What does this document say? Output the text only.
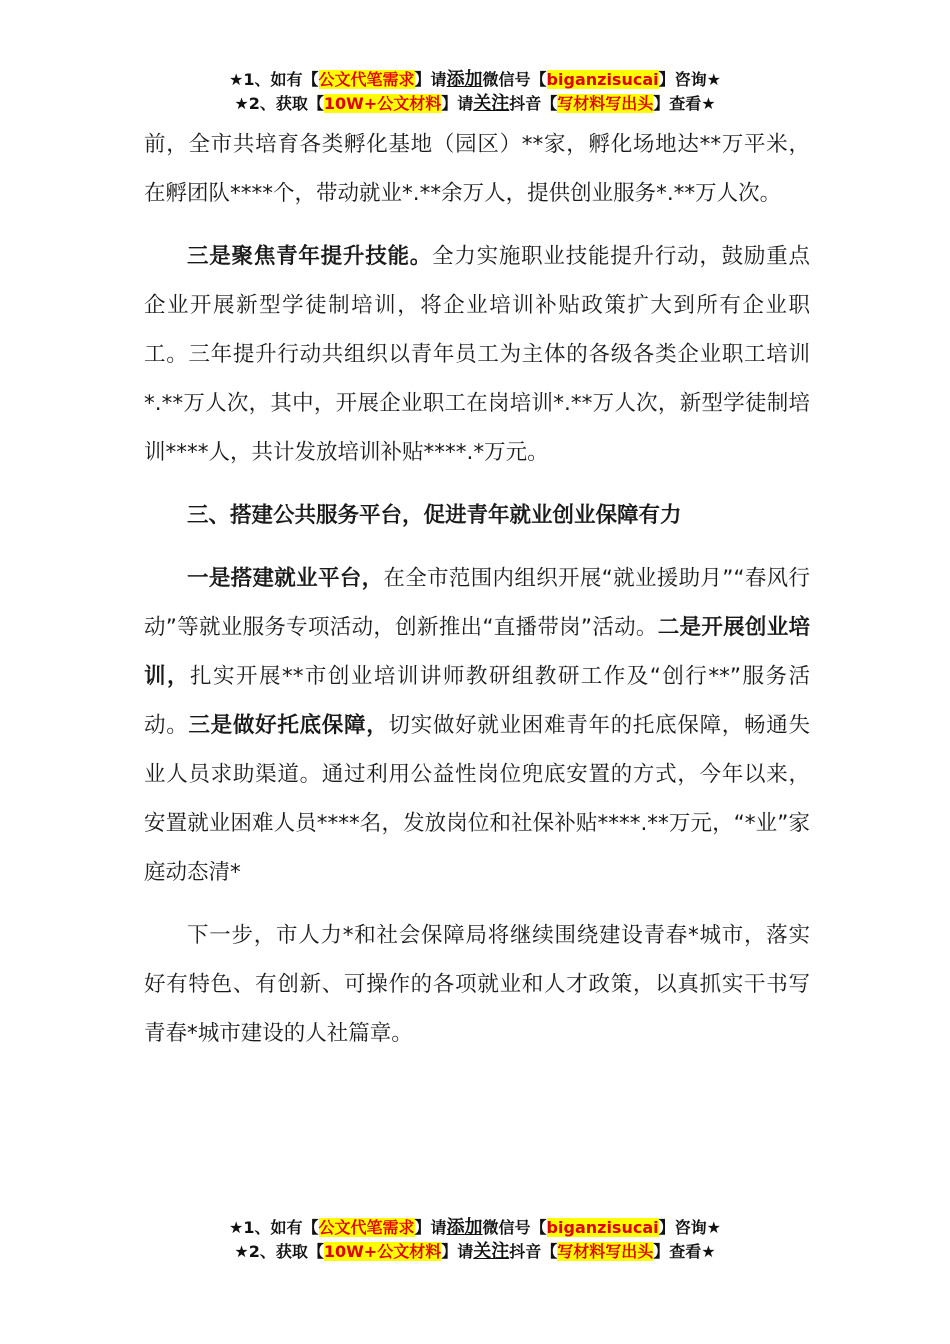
★1、如有【公文代笔需求】请添加微信号【biganzisucai】咨询★
★2、获取【10W+公文材料】请关注抖音【写材料写出头】查看★

前，全市共培育各类孵化基地（园区）**家，孵化场地达**万平米，在孵团队****个，带动就业*.**余万人，提供创业服务*.**万人次。

三是聚焦青年提升技能。全力实施职业技能提升行动，鼓励重点企业开展新型学徒制培训，将企业培训补贴政策扩大到所有企业职工。三年提升行动共组织以青年员工为主体的各级各类企业职工培训*.**万人次，其中，开展企业职工在岗培训*.**万人次，新型学徒制培训****人，共计发放培训补贴****.*万元。

三、搭建公共服务平台，促进青年就业创业保障有力

一是搭建就业平台，在全市范围内组织开展“就业援助月”“春风行动”等就业服务专项活动，创新推出“直播带岗”活动。二是开展创业培训，扎实开展**市创业培训讲师教研组教研工作及“创行**”服务活动。三是做好托底保障，切实做好就业困难青年的托底保障，畅通失业人员求助渠道。通过利用公益性岗位兜底安置的方式，今年以来，安置就业困难人员****名，发放岗位和社保补贴****.**万元，“*业”家庭动态清*

下一步，市人力*和社会保障局将继续围绕建设青春*城市，落实好有特色、有创新、可操作的各项就业和人才政策，以真抓实干书写青春*城市建设的人社篇章。

★1、如有【公文代笔需求】请添加微信号【biganzisucai】咨询★
★2、获取【10W+公文材料】请关注抖音【写材料写出头】查看★
